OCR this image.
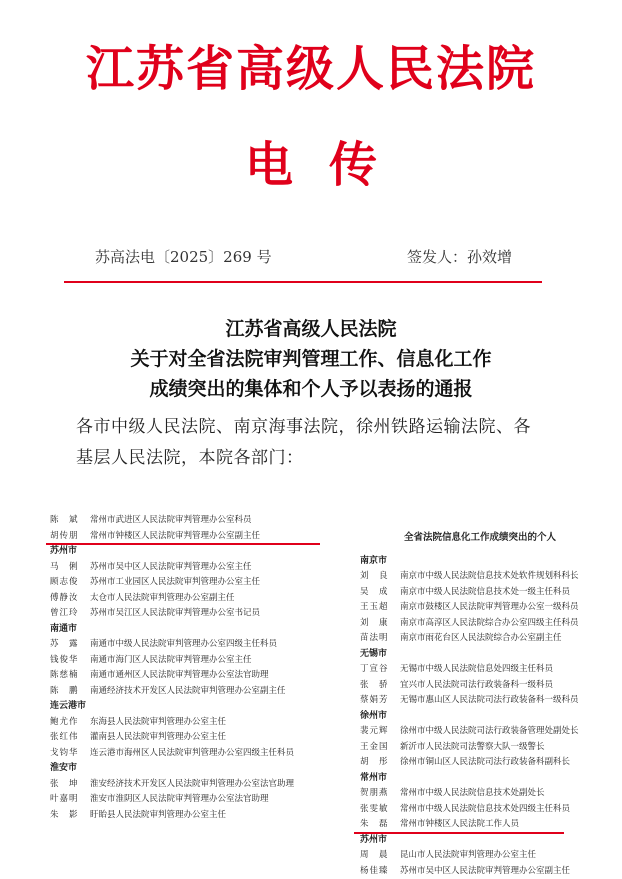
江苏省高级人民法院
电传
苏高法电〔2025〕269 号	签发人：孙效增
江苏省高级人民法院
关于对全省法院审判管理工作、信息化工作
成绩突出的集体和个人予以表扬的通报
各市中级人民法院、南京海事法院，徐州铁路运输法院、各基层人民法院，本院各部门：
陈　斌	常州市武进区人民法院审判管理办公室科员
胡传朋	常州市钟楼区人民法院审判管理办公室副主任
苏州市
马　俐	苏州市吴中区人民法院审判管理办公室主任
顾志俊	苏州市工业园区人民法院审判管理办公室主任
傅静汝	太仓市人民法院审判管理办公室副主任
曾江玲	苏州市吴江区人民法院审判管理办公室书记员
南通市
苏　露	南通市中级人民法院审判管理办公室四级主任科员
钱俊华	南通市海门区人民法院审判管理办公室主任
陈慈楠	南通市通州区人民法院审判管理办公室法官助理
陈　鹏	南通经济技术开发区人民法院审判管理办公室副主任
连云港市
鲍尤作	东海县人民法院审判管理办公室主任
张红伟	灌南县人民法院审判管理办公室主任
戈钧华	连云港市海州区人民法院审判管理办公室四级主任科员
淮安市
张　坤	淮安经济技术开发区人民法院审判管理办公室法官助理
叶嘉明	淮安市淮阴区人民法院审判管理办公室法官助理
朱　影	盱眙县人民法院审判管理办公室主任
全省法院信息化工作成绩突出的个人
南京市
刘　良	南京市中级人民法院信息技术处软件规划科科长
吴　成	南京市中级人民法院信息技术处一级主任科员
王玉超	南京市鼓楼区人民法院审判管理办公室一级科员
刘　康	南京市高淳区人民法院综合办公室四级主任科员
苗法明	南京市雨花台区人民法院综合办公室副主任
无锡市
丁宣谷	无锡市中级人民法院信息处四级主任科员
张　骄	宜兴市人民法院司法行政装备科一级科员
蔡娟芳	无锡市惠山区人民法院司法行政装备科一级科员
徐州市
裴元辉	徐州市中级人民法院司法行政装备管理处副处长
王金国	新沂市人民法院司法警察大队一级警长
胡　彤	徐州市铜山区人民法院司法行政装备科副科长
常州市
贺朋燕	常州市中级人民法院信息技术处副处长
张雯敏	常州市中级人民法院信息技术处四级主任科员
朱　磊	常州市钟楼区人民法院工作人员
苏州市
周　晨	昆山市人民法院审判管理办公室主任
杨佳臻	苏州市吴中区人民法院审判管理办公室副主任
